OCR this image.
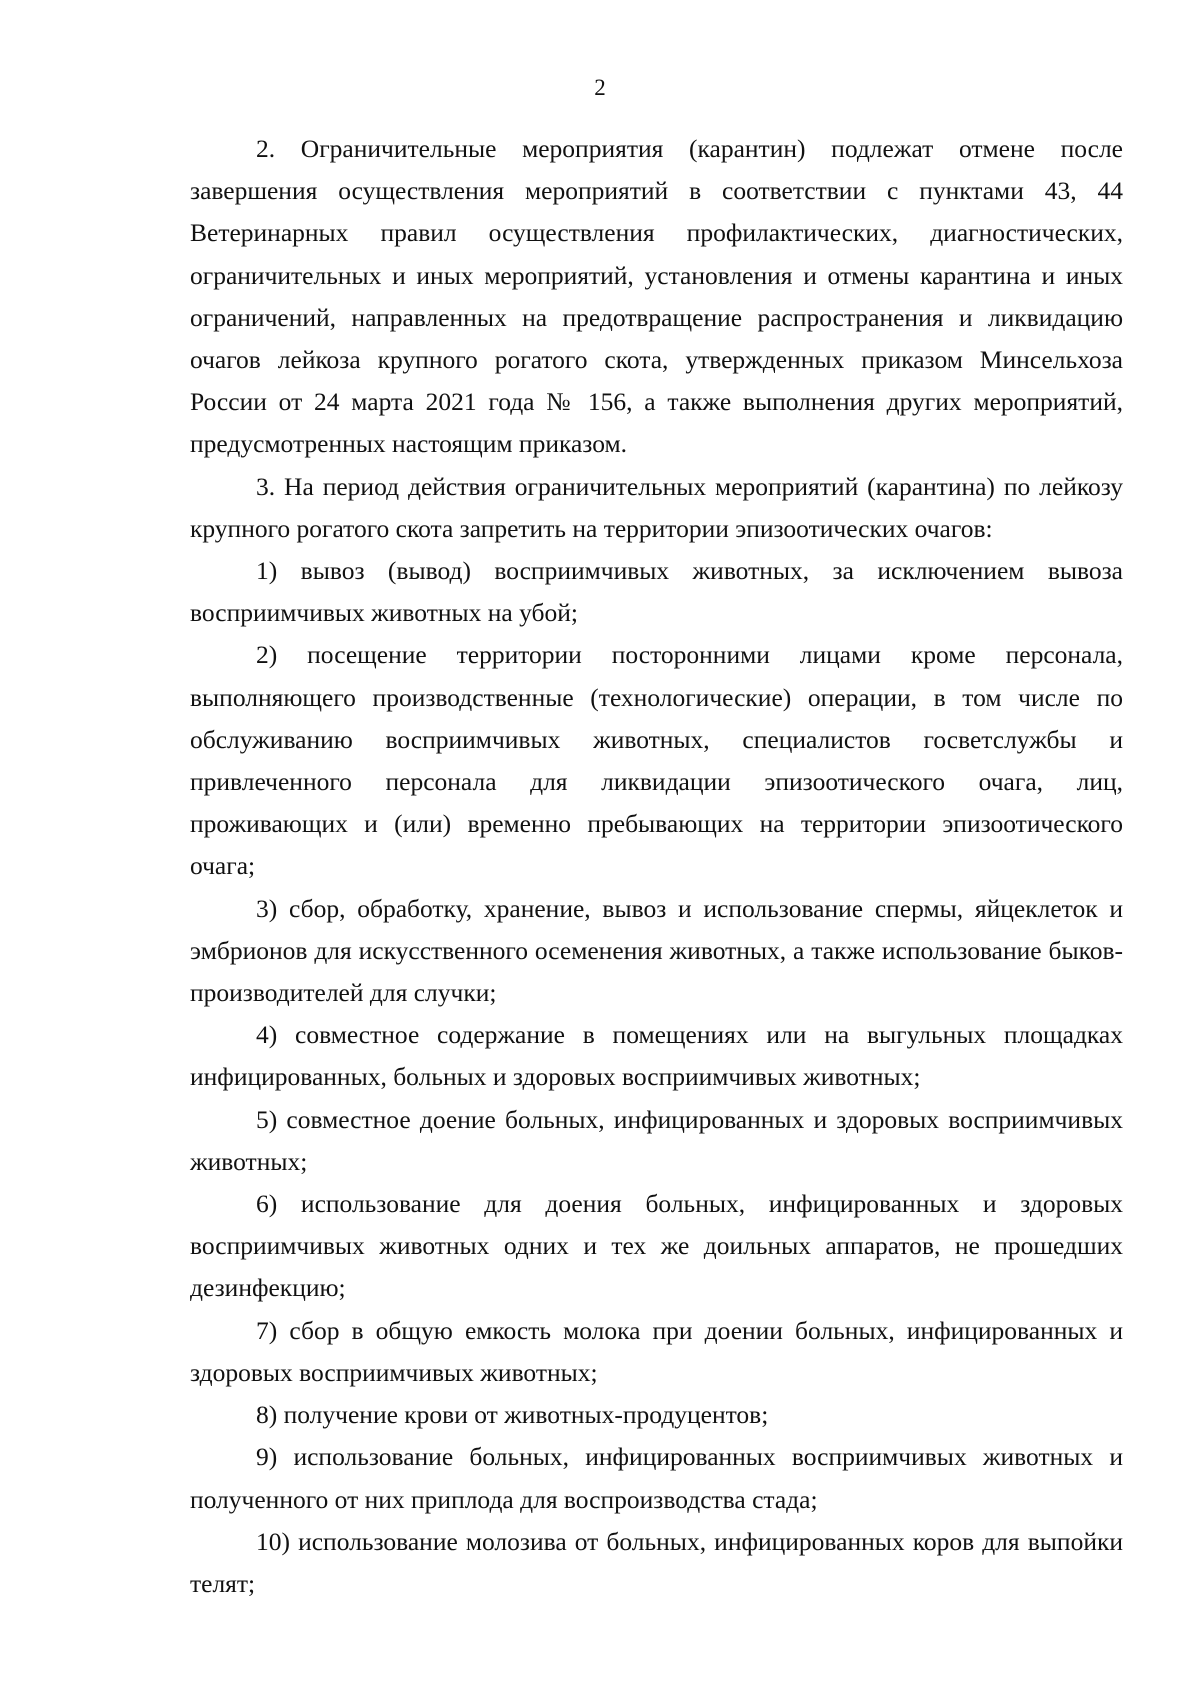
2

2. Ограничительные мероприятия (карантин) подлежат отмене после завершения осуществления мероприятий в соответствии с пунктами 43, 44 Ветеринарных правил осуществления профилактических, диагностических, ограничительных и иных мероприятий, установления и отмены карантина и иных ограничений, направленных на предотвращение распространения и ликвидацию очагов лейкоза крупного рогатого скота, утвержденных приказом Минсельхоза России от 24 марта 2021 года № 156, а также выполнения других мероприятий, предусмотренных настоящим приказом.

3. На период действия ограничительных мероприятий (карантина) по лейкозу крупного рогатого скота запретить на территории эпизоотических очагов:

1) вывоз (вывод) восприимчивых животных, за исключением вывоза восприимчивых животных на убой;

2) посещение территории посторонними лицами кроме персонала, выполняющего производственные (технологические) операции, в том числе по обслуживанию восприимчивых животных, специалистов госветслужбы и привлеченного персонала для ликвидации эпизоотического очага, лиц, проживающих и (или) временно пребывающих на территории эпизоотического очага;

3) сбор, обработку, хранение, вывоз и использование спермы, яйцеклеток и эмбрионов для искусственного осеменения животных, а также использование быков-производителей для случки;

4) совместное содержание в помещениях или на выгульных площадках инфицированных, больных и здоровых восприимчивых животных;

5) совместное доение больных, инфицированных и здоровых восприимчивых животных;

6) использование для доения больных, инфицированных и здоровых восприимчивых животных одних и тех же доильных аппаратов, не прошедших дезинфекцию;

7) сбор в общую емкость молока при доении больных, инфицированных и здоровых восприимчивых животных;

8) получение крови от животных-продуцентов;

9) использование больных, инфицированных восприимчивых животных и полученного от них приплода для воспроизводства стада;

10) использование молозива от больных, инфицированных коров для выпойки телят;
